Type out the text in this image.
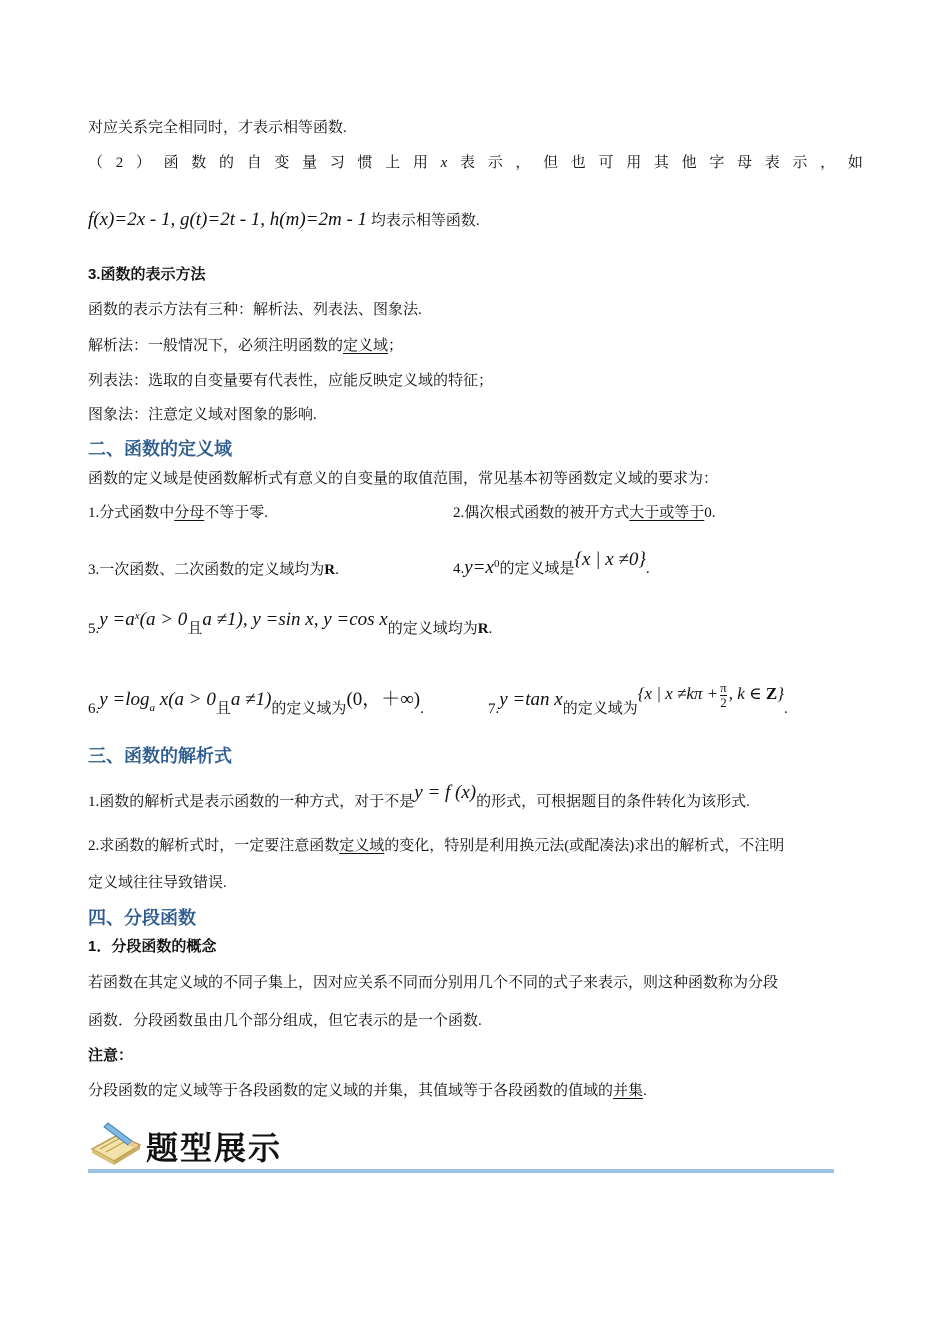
对应关系完全相同时，才表示相等函数.
（ 2 ） 函 数 的 自 变 量 习 惯 上 用 x 表 示 ， 但 也 可 用 其 他 字 母 表 示 ， 如
f(x)=2x - 1, g(t)=2t - 1, h(m)=2m - 1 均表示相等函数.
3.函数的表示方法
函数的表示方法有三种：解析法、列表法、图象法.
解析法：一般情况下，必须注明函数的定义域；
列表法：选取的自变量要有代表性，应能反映定义域的特征；
图象法：注意定义域对图象的影响.
二、函数的定义域
函数的定义域是使函数解析式有意义的自变量的取值范围，常见基本初等函数定义域的要求为：
1.分式函数中分母不等于零.	2.偶次根式函数的被开方式大于或等于0.
3.一次函数、二次函数的定义域均为R.	$4.y=x^0$的定义域是{x | x ≠0}.
$5.y =a^x(a > 0$且a ≠1), y =sin x, y =cos x的定义域均为R.
$6.y =\log_a$ x(a > 0且a ≠1)的定义域为(0，＋∞).	7.y =tan x的定义域为{x | $x \ne k\pi + \frac{\pi}{2}$ , k ∈ Z}.
三、函数的解析式
1.函数的解析式是表示函数的一种方式，对于不是y = f (x)的形式，可根据题目的条件转化为该形式.
2.求函数的解析式时，一定要注意函数定义域的变化，特别是利用换元法(或配凑法)求出的解析式，不注明
定义域往往导致错误.
四、分段函数
1．分段函数的概念
若函数在其定义域的不同子集上，因对应关系不同而分别用几个不同的式子来表示，则这种函数称为分段
函数．分段函数虽由几个部分组成，但它表示的是一个函数.
注意：
分段函数的定义域等于各段函数的定义域的并集，其值域等于各段函数的值域的并集.
题型展示
